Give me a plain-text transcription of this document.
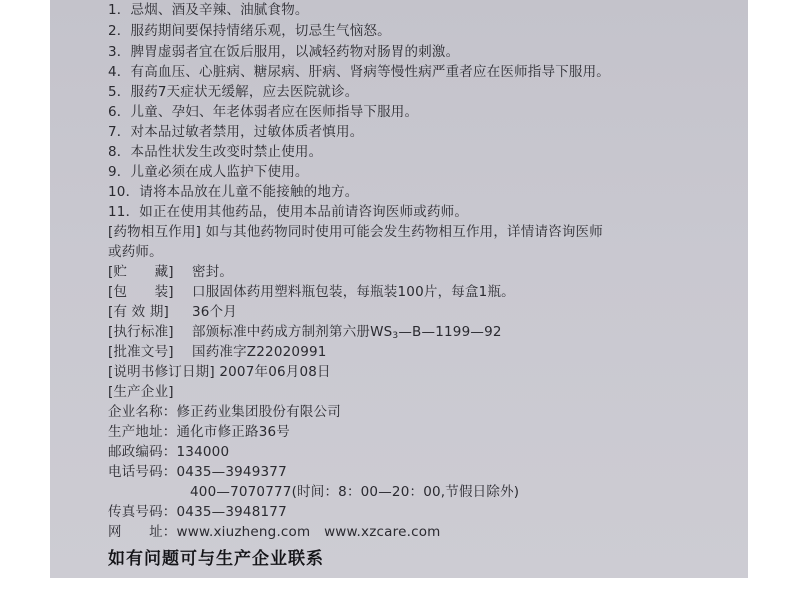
1．忌烟、酒及辛辣、油腻食物。
2．服药期间要保持情绪乐观，切忌生气恼怒。
3．脾胃虚弱者宜在饭后服用，以减轻药物对肠胃的刺激。
4．有高血压、心脏病、糖尿病、肝病、肾病等慢性病严重者应在医师指导下服用。
5．服药7天症状无缓解，应去医院就诊。
6．儿童、孕妇、年老体弱者应在医师指导下服用。
7．对本品过敏者禁用，过敏体质者慎用。
8．本品性状发生改变时禁止使用。
9．儿童必须在成人监护下使用。
10．请将本品放在儿童不能接触的地方。
11．如正在使用其他药品，使用本品前请咨询医师或药师。
[药物相互作用] 如与其他药物同时使用可能会发生药物相互作用，详情请咨询医师
或药师。
[贮　　藏] 密封。
[包　　装] 口服固体药用塑料瓶包装，每瓶装100片，每盒1瓶。
[有 效 期] 36个月
[执行标准] 部颁标准中药成方制剂第六册$WS_3—B—1199—92$
[批准文号] 国药准字Z22020991
[说明书修订日期] 2007年06月08日
[生产企业]
企业名称：修正药业集团股份有限公司
生产地址：通化市修正路36号
邮政编码：134000
电话号码：0435—3949377
400—7070777(时间：8：00—20：00,节假日除外)
传真号码：0435—3948177
网　　址：www.xiuzheng.com　www.xzcare.com
如有问题可与生产企业联系
